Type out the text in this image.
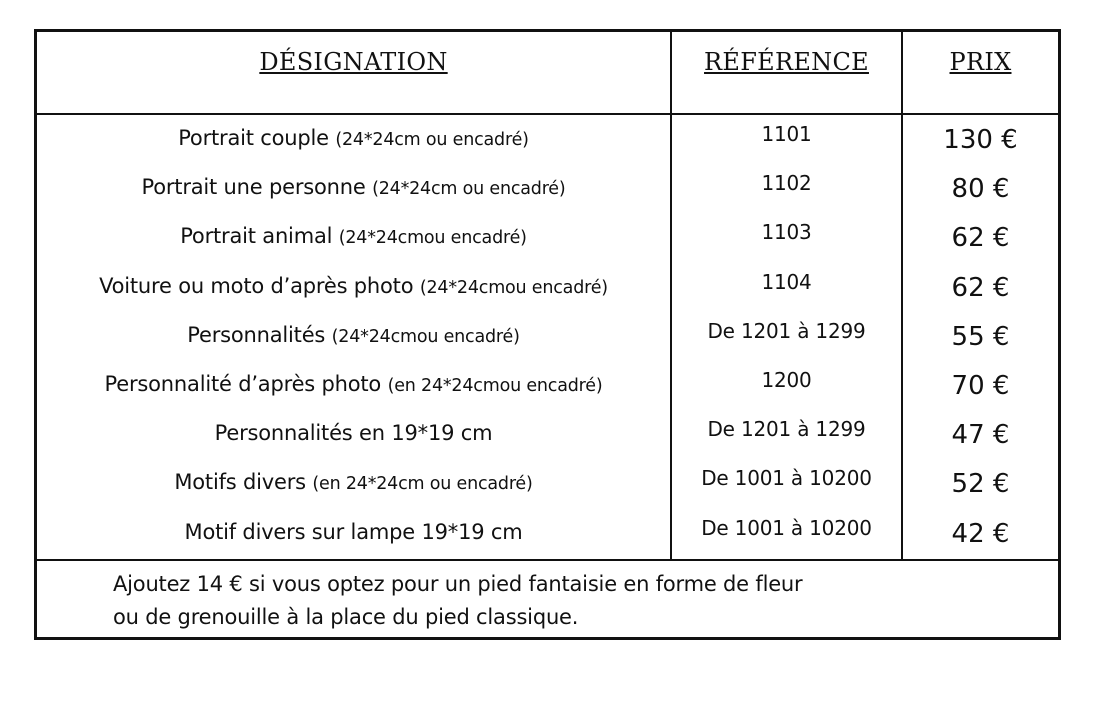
DÉSIGNATION	RÉFÉRENCE	PRIX
Portrait couple (24*24cm ou encadré)	1101	130 €
Portrait une personne (24*24cm ou encadré)	1102	80 €
Portrait animal (24*24cmou encadré)	1103	62 €
Voiture ou moto d’après photo (24*24cmou encadré)	1104	62 €
Personnalités (24*24cmou encadré)	De 1201 à 1299	55 €
Personnalité d’après photo (en 24*24cmou encadré)	1200	70 €
Personnalités en 19*19 cm	De 1201 à 1299	47 €
Motifs divers (en 24*24cm ou encadré)	De 1001 à 10200	52 €
Motif divers sur lampe 19*19 cm	De 1001 à 10200	42 €
Ajoutez 14 € si vous optez pour un pied fantaisie en forme de fleur
ou de grenouille à la place du pied classique.
